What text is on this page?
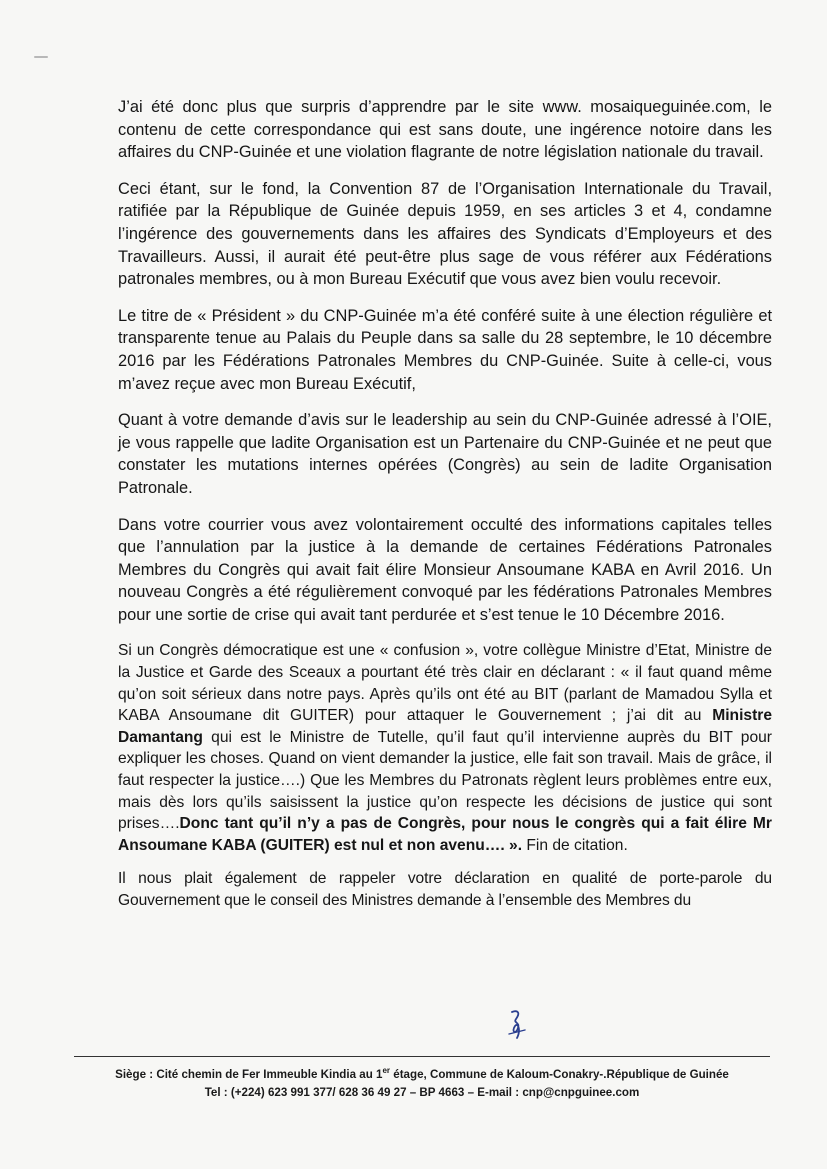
J’ai été donc plus que surpris d’apprendre par le site www. mosaiqueguinée.com, le contenu de cette correspondance qui est sans doute, une ingérence notoire dans les affaires du CNP-Guinée et une violation flagrante de notre législation nationale du travail.

Ceci étant, sur le fond, la Convention 87 de l’Organisation Internationale du Travail, ratifiée par la République de Guinée depuis 1959, en ses articles 3 et 4, condamne l’ingérence des gouvernements dans les affaires des Syndicats d’Employeurs et des Travailleurs. Aussi, il aurait été peut-être plus sage de vous référer aux Fédérations patronales membres, ou à mon Bureau Exécutif que vous avez bien voulu recevoir.

Le titre de « Président » du CNP-Guinée m’a été conféré suite à une élection régulière et transparente tenue au Palais du Peuple dans sa salle du 28 septembre, le 10 décembre 2016 par les Fédérations Patronales Membres du CNP-Guinée. Suite à celle-ci, vous m’avez reçue avec mon Bureau Exécutif,

Quant à votre demande d’avis sur le leadership au sein du CNP-Guinée adressé à l’OIE, je vous rappelle que ladite Organisation est un Partenaire du CNP-Guinée et ne peut que constater les mutations internes opérées (Congrès) au sein de ladite Organisation Patronale.

Dans votre courrier vous avez volontairement occulté des informations capitales telles que l’annulation par la justice à la demande de certaines Fédérations Patronales Membres du Congrès qui avait fait élire Monsieur Ansoumane KABA en Avril 2016. Un nouveau Congrès a été régulièrement convoqué par les fédérations Patronales Membres pour une sortie de crise qui avait tant perdurée et s’est tenue le 10 Décembre 2016.

Si un Congrès démocratique est une « confusion », votre collègue Ministre d’Etat, Ministre de la Justice et Garde des Sceaux a pourtant été très clair en déclarant : « il faut quand même qu’on soit sérieux dans notre pays. Après qu’ils ont été au BIT (parlant de Mamadou Sylla et KABA Ansoumane dit GUITER) pour attaquer le Gouvernement ; j’ai dit au Ministre Damantang qui est le Ministre de Tutelle, qu’il faut qu’il intervienne auprès du BIT pour expliquer les choses. Quand on vient demander la justice, elle fait son travail. Mais de grâce, il faut respecter la justice….) Que les Membres du Patronats règlent leurs problèmes entre eux, mais dès lors qu’ils saisissent la justice qu’on respecte les décisions de justice qui sont prises….Donc tant qu’il n’y a pas de Congrès, pour nous le congrès qui a fait élire Mr Ansoumane KABA (GUITER) est nul et non avenu…. ». Fin de citation.

Il nous plait également de rappeler votre déclaration en qualité de porte-parole du Gouvernement que le conseil des Ministres demande à l’ensemble des Membres du

Siège : Cité chemin de Fer Immeuble Kindia au 1er étage, Commune de Kaloum-Conakry-.République de Guinée
Tel : (+224) 623 991 377/ 628 36 49 27 – BP 4663 – E-mail : cnp@cnpguinee.com
